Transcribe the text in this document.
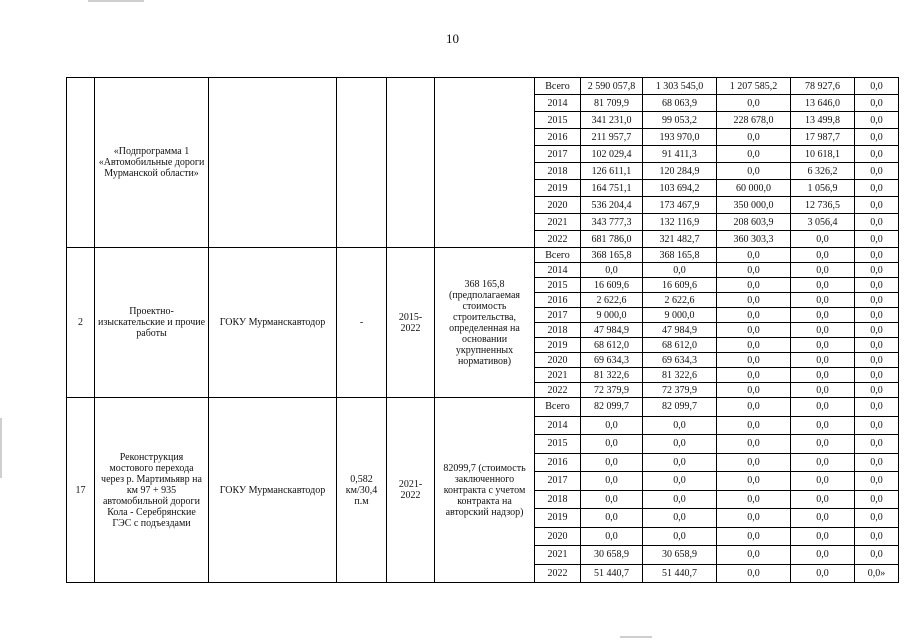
10
	«Подпрограмма 1 «Автомобильные дороги Мурманской области»					Всего	2 590 057,8	1 303 545,0	1 207 585,2	78 927,6	0,0
						2014	81 709,9	68 063,9	0,0	13 646,0	0,0
						2015	341 231,0	99 053,2	228 678,0	13 499,8	0,0
						2016	211 957,7	193 970,0	0,0	17 987,7	0,0
						2017	102 029,4	91 411,3	0,0	10 618,1	0,0
						2018	126 611,1	120 284,9	0,0	6 326,2	0,0
						2019	164 751,1	103 694,2	60 000,0	1 056,9	0,0
						2020	536 204,4	173 467,9	350 000,0	12 736,5	0,0
						2021	343 777,3	132 116,9	208 603,9	3 056,4	0,0
						2022	681 786,0	321 482,7	360 303,3	0,0	0,0
2	Проектно-изыскательские и прочие работы	ГОКУ Мурманскавтодор	-	2015-2022	368 165,8 (предполагаемая стоимость строительства, определенная на основании укрупненных нормативов)	Всего	368 165,8	368 165,8	0,0	0,0	0,0
						2014	0,0	0,0	0,0	0,0	0,0
						2015	16 609,6	16 609,6	0,0	0,0	0,0
						2016	2 622,6	2 622,6	0,0	0,0	0,0
						2017	9 000,0	9 000,0	0,0	0,0	0,0
						2018	47 984,9	47 984,9	0,0	0,0	0,0
						2019	68 612,0	68 612,0	0,0	0,0	0,0
						2020	69 634,3	69 634,3	0,0	0,0	0,0
						2021	81 322,6	81 322,6	0,0	0,0	0,0
						2022	72 379,9	72 379,9	0,0	0,0	0,0
17	Реконструкция мостового перехода через р. Мартимьявр на км 97 + 935 автомобильной дороги Кола - Серебрянские ГЭС с подъездами	ГОКУ Мурманскавтодор	0,582 км/30,4 п.м	2021-2022	82099,7 (стоимость заключенного контракта с учетом контракта на авторский надзор)	Всего	82 099,7	82 099,7	0,0	0,0	0,0
						2014	0,0	0,0	0,0	0,0	0,0
						2015	0,0	0,0	0,0	0,0	0,0
						2016	0,0	0,0	0,0	0,0	0,0
						2017	0,0	0,0	0,0	0,0	0,0
						2018	0,0	0,0	0,0	0,0	0,0
						2019	0,0	0,0	0,0	0,0	0,0
						2020	0,0	0,0	0,0	0,0	0,0
						2021	30 658,9	30 658,9	0,0	0,0	0,0
						2022	51 440,7	51 440,7	0,0	0,0	0,0»
